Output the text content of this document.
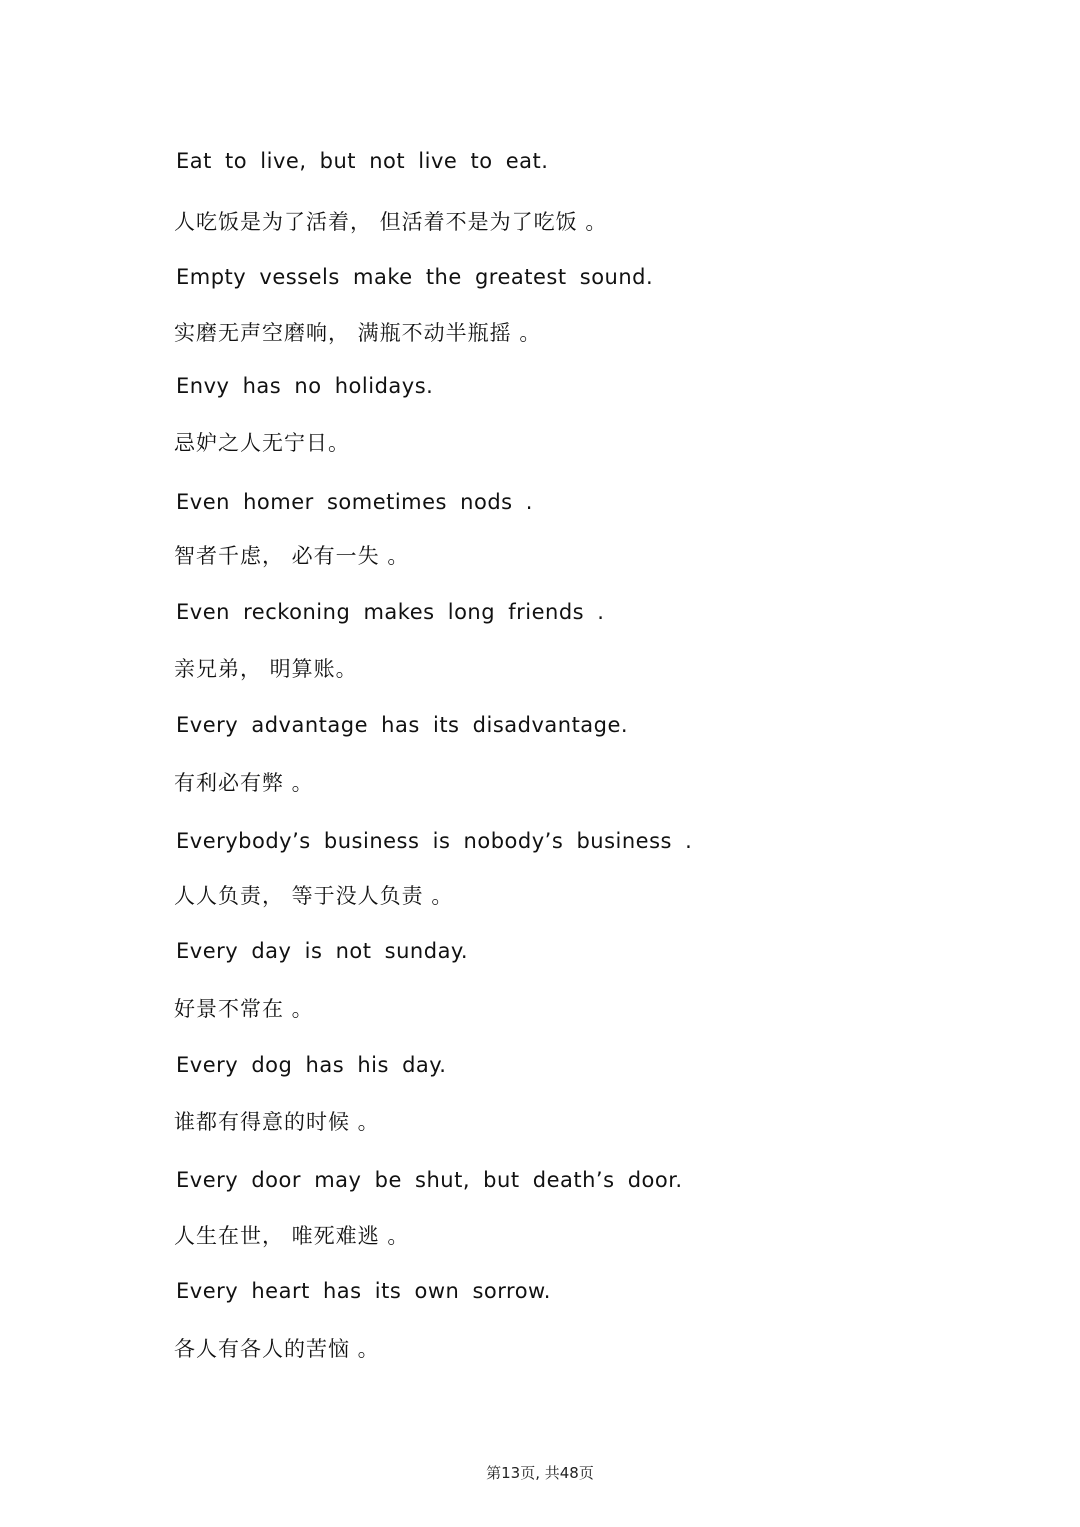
Eat to live, but not live to eat.
人吃饭是为了活着， 但活着不是为了吃饭 。
Empty vessels make the greatest sound.
实磨无声空磨响， 满瓶不动半瓶摇 。
Envy has no holidays.
忌妒之人无宁日。
Even homer sometimes nods .
智者千虑， 必有一失 。
Even reckoning makes long friends .
亲兄弟， 明算账。
Every advantage has its disadvantage.
有利必有弊 。
Everybody’s business is nobody’s business .
人人负责， 等于没人负责 。
Every day is not sunday.
好景不常在 。
Every dog has his day.
谁都有得意的时候 。
Every door may be shut, but death’s door.
人生在世， 唯死难逃 。
Every heart has its own sorrow.
各人有各人的苦恼 。
第13页, 共48页
